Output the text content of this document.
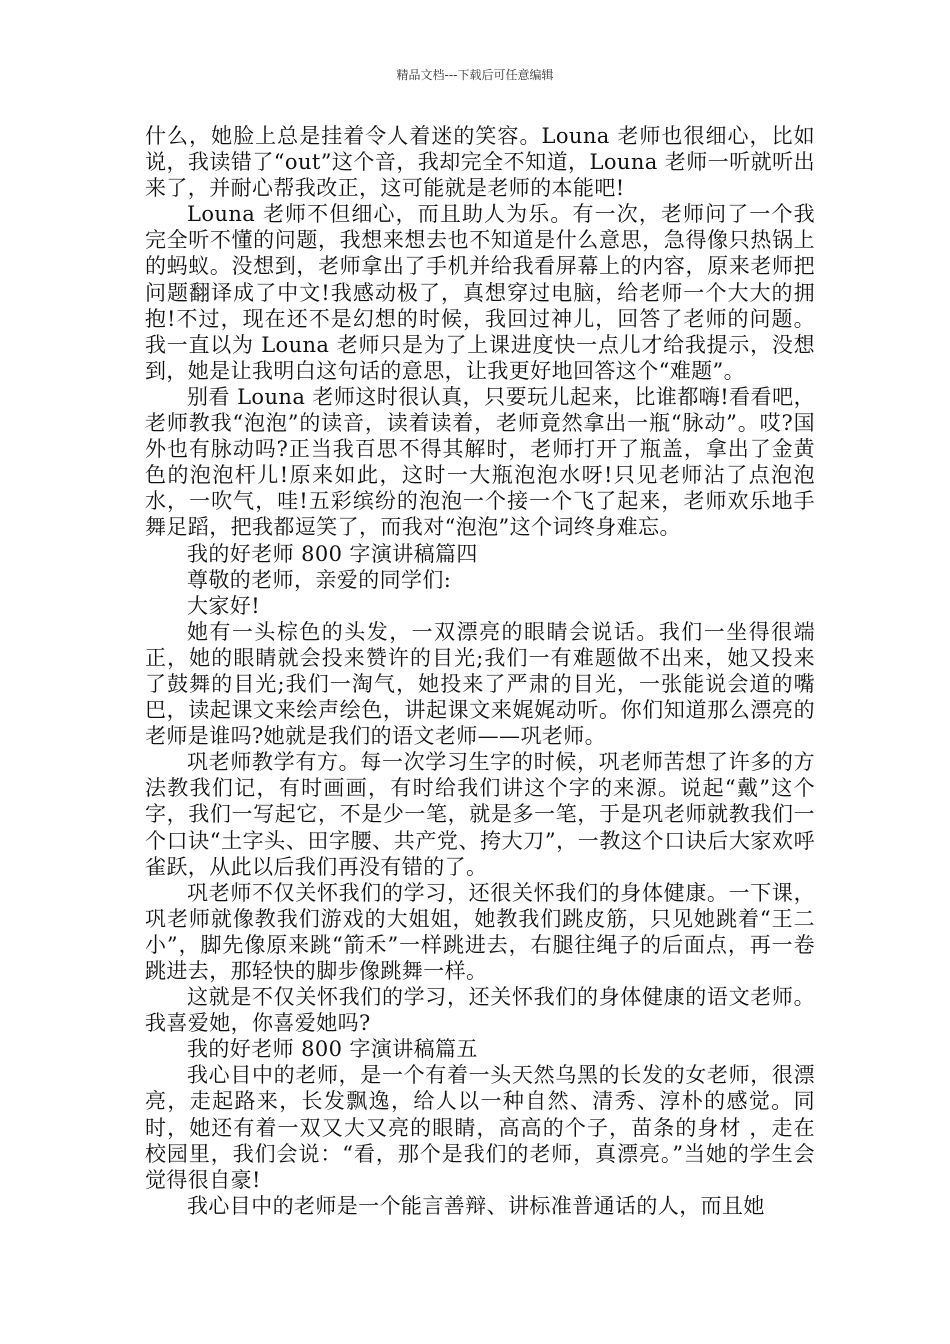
精品文档---下载后可任意编辑

什么，她脸上总是挂着令人着迷的笑容。Louna 老师也很细心，比如说，我读错了“out”这个音，我却完全不知道，Louna 老师一听就听出来了，并耐心帮我改正，这可能就是老师的本能吧!

Louna 老师不但细心，而且助人为乐。有一次，老师问了一个我完全听不懂的问题，我想来想去也不知道是什么意思，急得像只热锅上的蚂蚁。没想到，老师拿出了手机并给我看屏幕上的内容，原来老师把问题翻译成了中文!我感动极了，真想穿过电脑，给老师一个大大的拥抱!不过，现在还不是幻想的时候，我回过神儿，回答了老师的问题。我一直以为 Louna 老师只是为了上课进度快一点儿才给我提示，没想到，她是让我明白这句话的意思，让我更好地回答这个“难题”。

别看 Louna 老师这时很认真，只要玩儿起来，比谁都嗨!看看吧，老师教我“泡泡”的读音，读着读着，老师竟然拿出一瓶“脉动”。哎?国外也有脉动吗?正当我百思不得其解时，老师打开了瓶盖，拿出了金黄色的泡泡杆儿!原来如此，这时一大瓶泡泡水呀!只见老师沾了点泡泡水，一吹气，哇!五彩缤纷的泡泡一个接一个飞了起来，老师欢乐地手舞足蹈，把我都逗笑了，而我对“泡泡”这个词终身难忘。

我的好老师 800 字演讲稿篇四

尊敬的老师，亲爱的同学们:

大家好!

她有一头棕色的头发，一双漂亮的眼睛会说话。我们一坐得很端正，她的眼睛就会投来赞许的目光;我们一有难题做不出来，她又投来了鼓舞的目光;我们一淘气，她投来了严肃的目光，一张能说会道的嘴巴，读起课文来绘声绘色，讲起课文来娓娓动听。你们知道那么漂亮的老师是谁吗?她就是我们的语文老师——巩老师。

巩老师教学有方。每一次学习生字的时候，巩老师苦想了许多的方法教我们记，有时画画，有时给我们讲这个字的来源。说起“戴”这个字，我们一写起它，不是少一笔，就是多一笔，于是巩老师就教我们一个口诀“土字头、田字腰、共产党、挎大刀”，一教这个口诀后大家欢呼雀跃，从此以后我们再没有错的了。

巩老师不仅关怀我们的学习，还很关怀我们的身体健康。一下课，巩老师就像教我们游戏的大姐姐，她教我们跳皮筋，只见她跳着“王二小”，脚先像原来跳“箭禾”一样跳进去，右腿往绳子的后面点，再一卷跳进去，那轻快的脚步像跳舞一样。

这就是不仅关怀我们的学习，还关怀我们的身体健康的语文老师。我喜爱她，你喜爱她吗?

我的好老师 800 字演讲稿篇五

我心目中的老师，是一个有着一头天然乌黑的长发的女老师，很漂亮，走起路来，长发飘逸，给人以一种自然、清秀、淳朴的感觉。同时，她还有着一双又大又亮的眼睛，高高的个子，苗条的身材 ，走在校园里，我们会说：“看，那个是我们的老师，真漂亮。”当她的学生会觉得很自豪!

我心目中的老师是一个能言善辩、讲标准普通话的人，而且她
